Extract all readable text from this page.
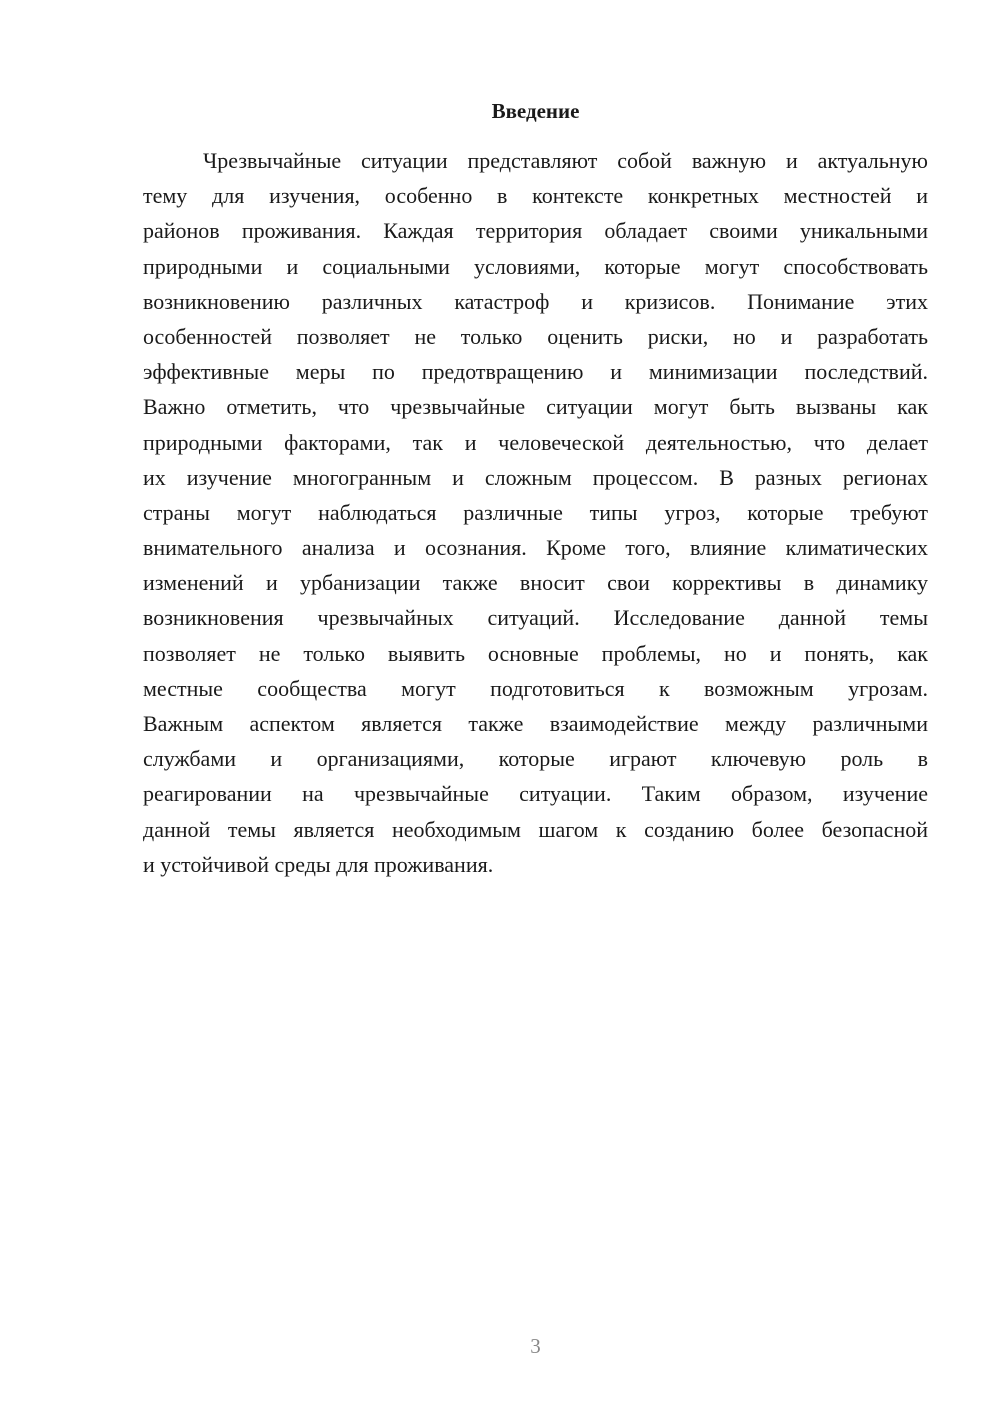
Введение
Чрезвычайные ситуации представляют собой важную и актуальную
тему для изучения, особенно в контексте конкретных местностей и
районов проживания. Каждая территория обладает своими уникальными
природными и социальными условиями, которые могут способствовать
возникновению различных катастроф и кризисов. Понимание этих
особенностей позволяет не только оценить риски, но и разработать
эффективные меры по предотвращению и минимизации последствий.
Важно отметить, что чрезвычайные ситуации могут быть вызваны как
природными факторами, так и человеческой деятельностью, что делает
их изучение многогранным и сложным процессом. В разных регионах
страны могут наблюдаться различные типы угроз, которые требуют
внимательного анализа и осознания. Кроме того, влияние климатических
изменений и урбанизации также вносит свои коррективы в динамику
возникновения чрезвычайных ситуаций. Исследование данной темы
позволяет не только выявить основные проблемы, но и понять, как
местные сообщества могут подготовиться к возможным угрозам.
Важным аспектом является также взаимодействие между различными
службами и организациями, которые играют ключевую роль в
реагировании на чрезвычайные ситуации. Таким образом, изучение
данной темы является необходимым шагом к созданию более безопасной
и устойчивой среды для проживания.
3
